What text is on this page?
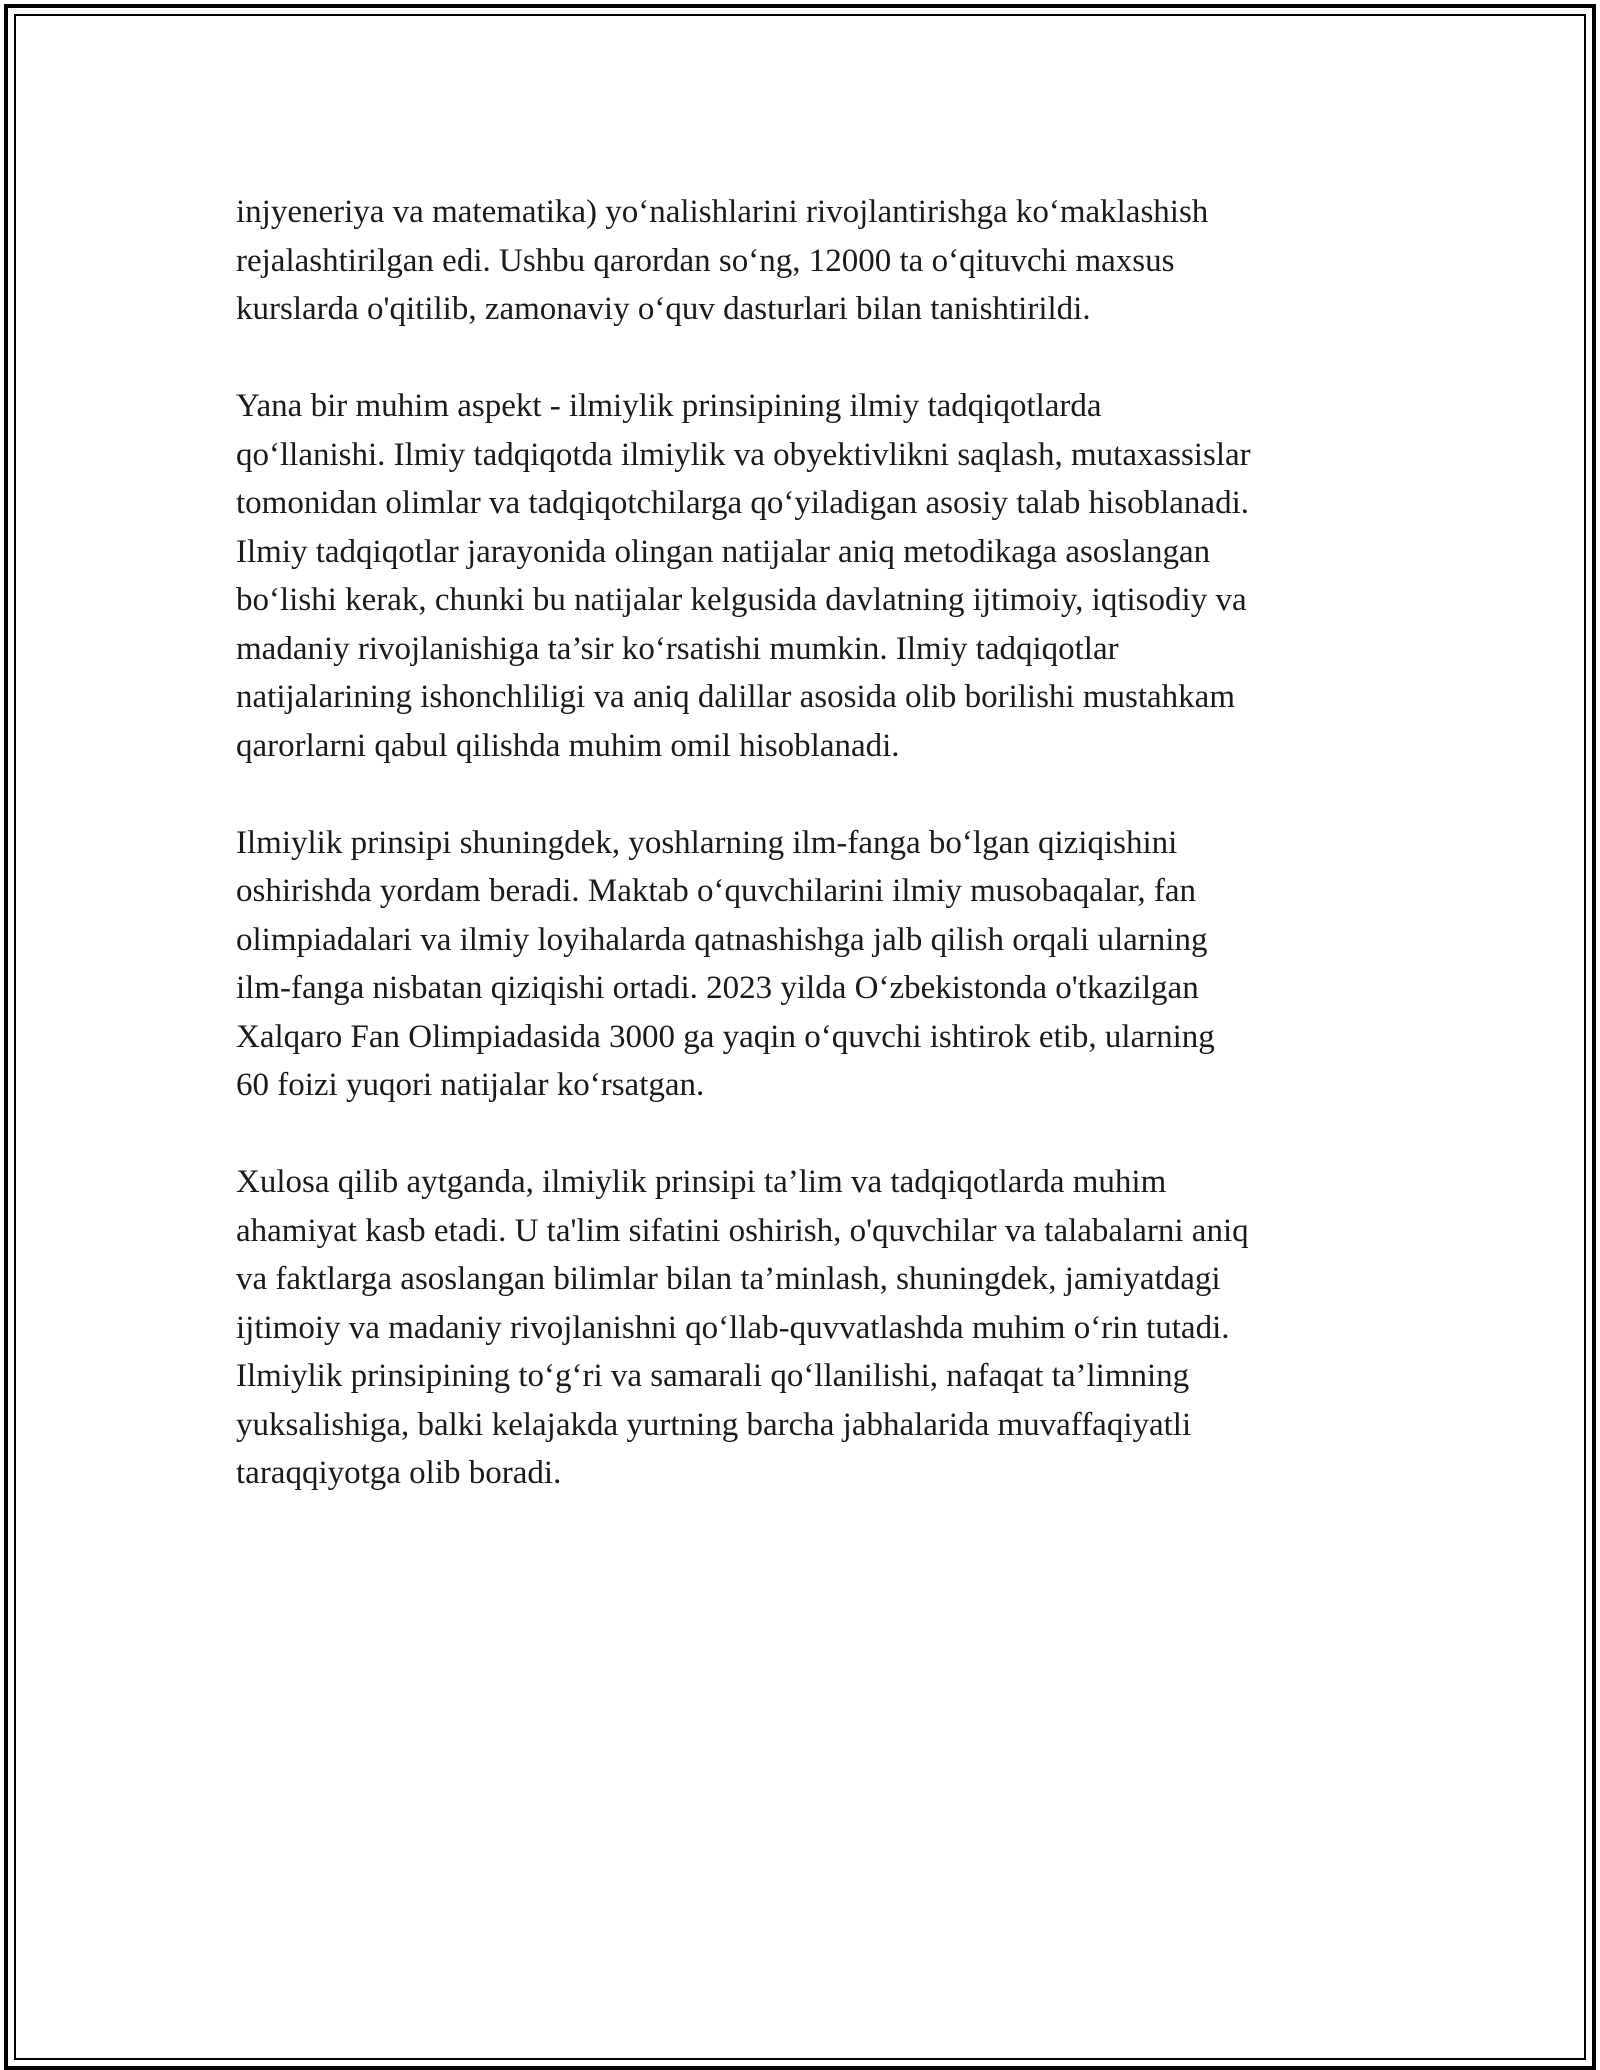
injyeneriya va matematika) yo‘nalishlarini rivojlantirishga ko‘maklashish
rejalashtirilgan edi. Ushbu qarordan so‘ng, 12000 ta o‘qituvchi maxsus
kurslarda o'qitilib, zamonaviy o‘quv dasturlari bilan tanishtirildi.

Yana bir muhim aspekt - ilmiylik prinsipining ilmiy tadqiqotlarda
qo‘llanishi. Ilmiy tadqiqotda ilmiylik va obyektivlikni saqlash, mutaxassislar
tomonidan olimlar va tadqiqotchilarga qo‘yiladigan asosiy talab hisoblanadi.
Ilmiy tadqiqotlar jarayonida olingan natijalar aniq metodikaga asoslangan
bo‘lishi kerak, chunki bu natijalar kelgusida davlatning ijtimoiy, iqtisodiy va
madaniy rivojlanishiga ta’sir ko‘rsatishi mumkin. Ilmiy tadqiqotlar
natijalarining ishonchliligi va aniq dalillar asosida olib borilishi mustahkam
qarorlarni qabul qilishda muhim omil hisoblanadi.

Ilmiylik prinsipi shuningdek, yoshlarning ilm-fanga bo‘lgan qiziqishini
oshirishda yordam beradi. Maktab o‘quvchilarini ilmiy musobaqalar, fan
olimpiadalari va ilmiy loyihalarda qatnashishga jalb qilish orqali ularning
ilm-fanga nisbatan qiziqishi ortadi. 2023 yilda O‘zbekistonda o'tkazilgan
Xalqaro Fan Olimpiadasida 3000 ga yaqin o‘quvchi ishtirok etib, ularning
60 foizi yuqori natijalar ko‘rsatgan.

Xulosa qilib aytganda, ilmiylik prinsipi ta’lim va tadqiqotlarda muhim
ahamiyat kasb etadi. U ta'lim sifatini oshirish, o'quvchilar va talabalarni aniq
va faktlarga asoslangan bilimlar bilan ta’minlash, shuningdek, jamiyatdagi
ijtimoiy va madaniy rivojlanishni qo‘llab-quvvatlashda muhim o‘rin tutadi.
Ilmiylik prinsipining to‘g‘ri va samarali qo‘llanilishi, nafaqat ta’limning
yuksalishiga, balki kelajakda yurtning barcha jabhalarida muvaffaqiyatli
taraqqiyotga olib boradi.
